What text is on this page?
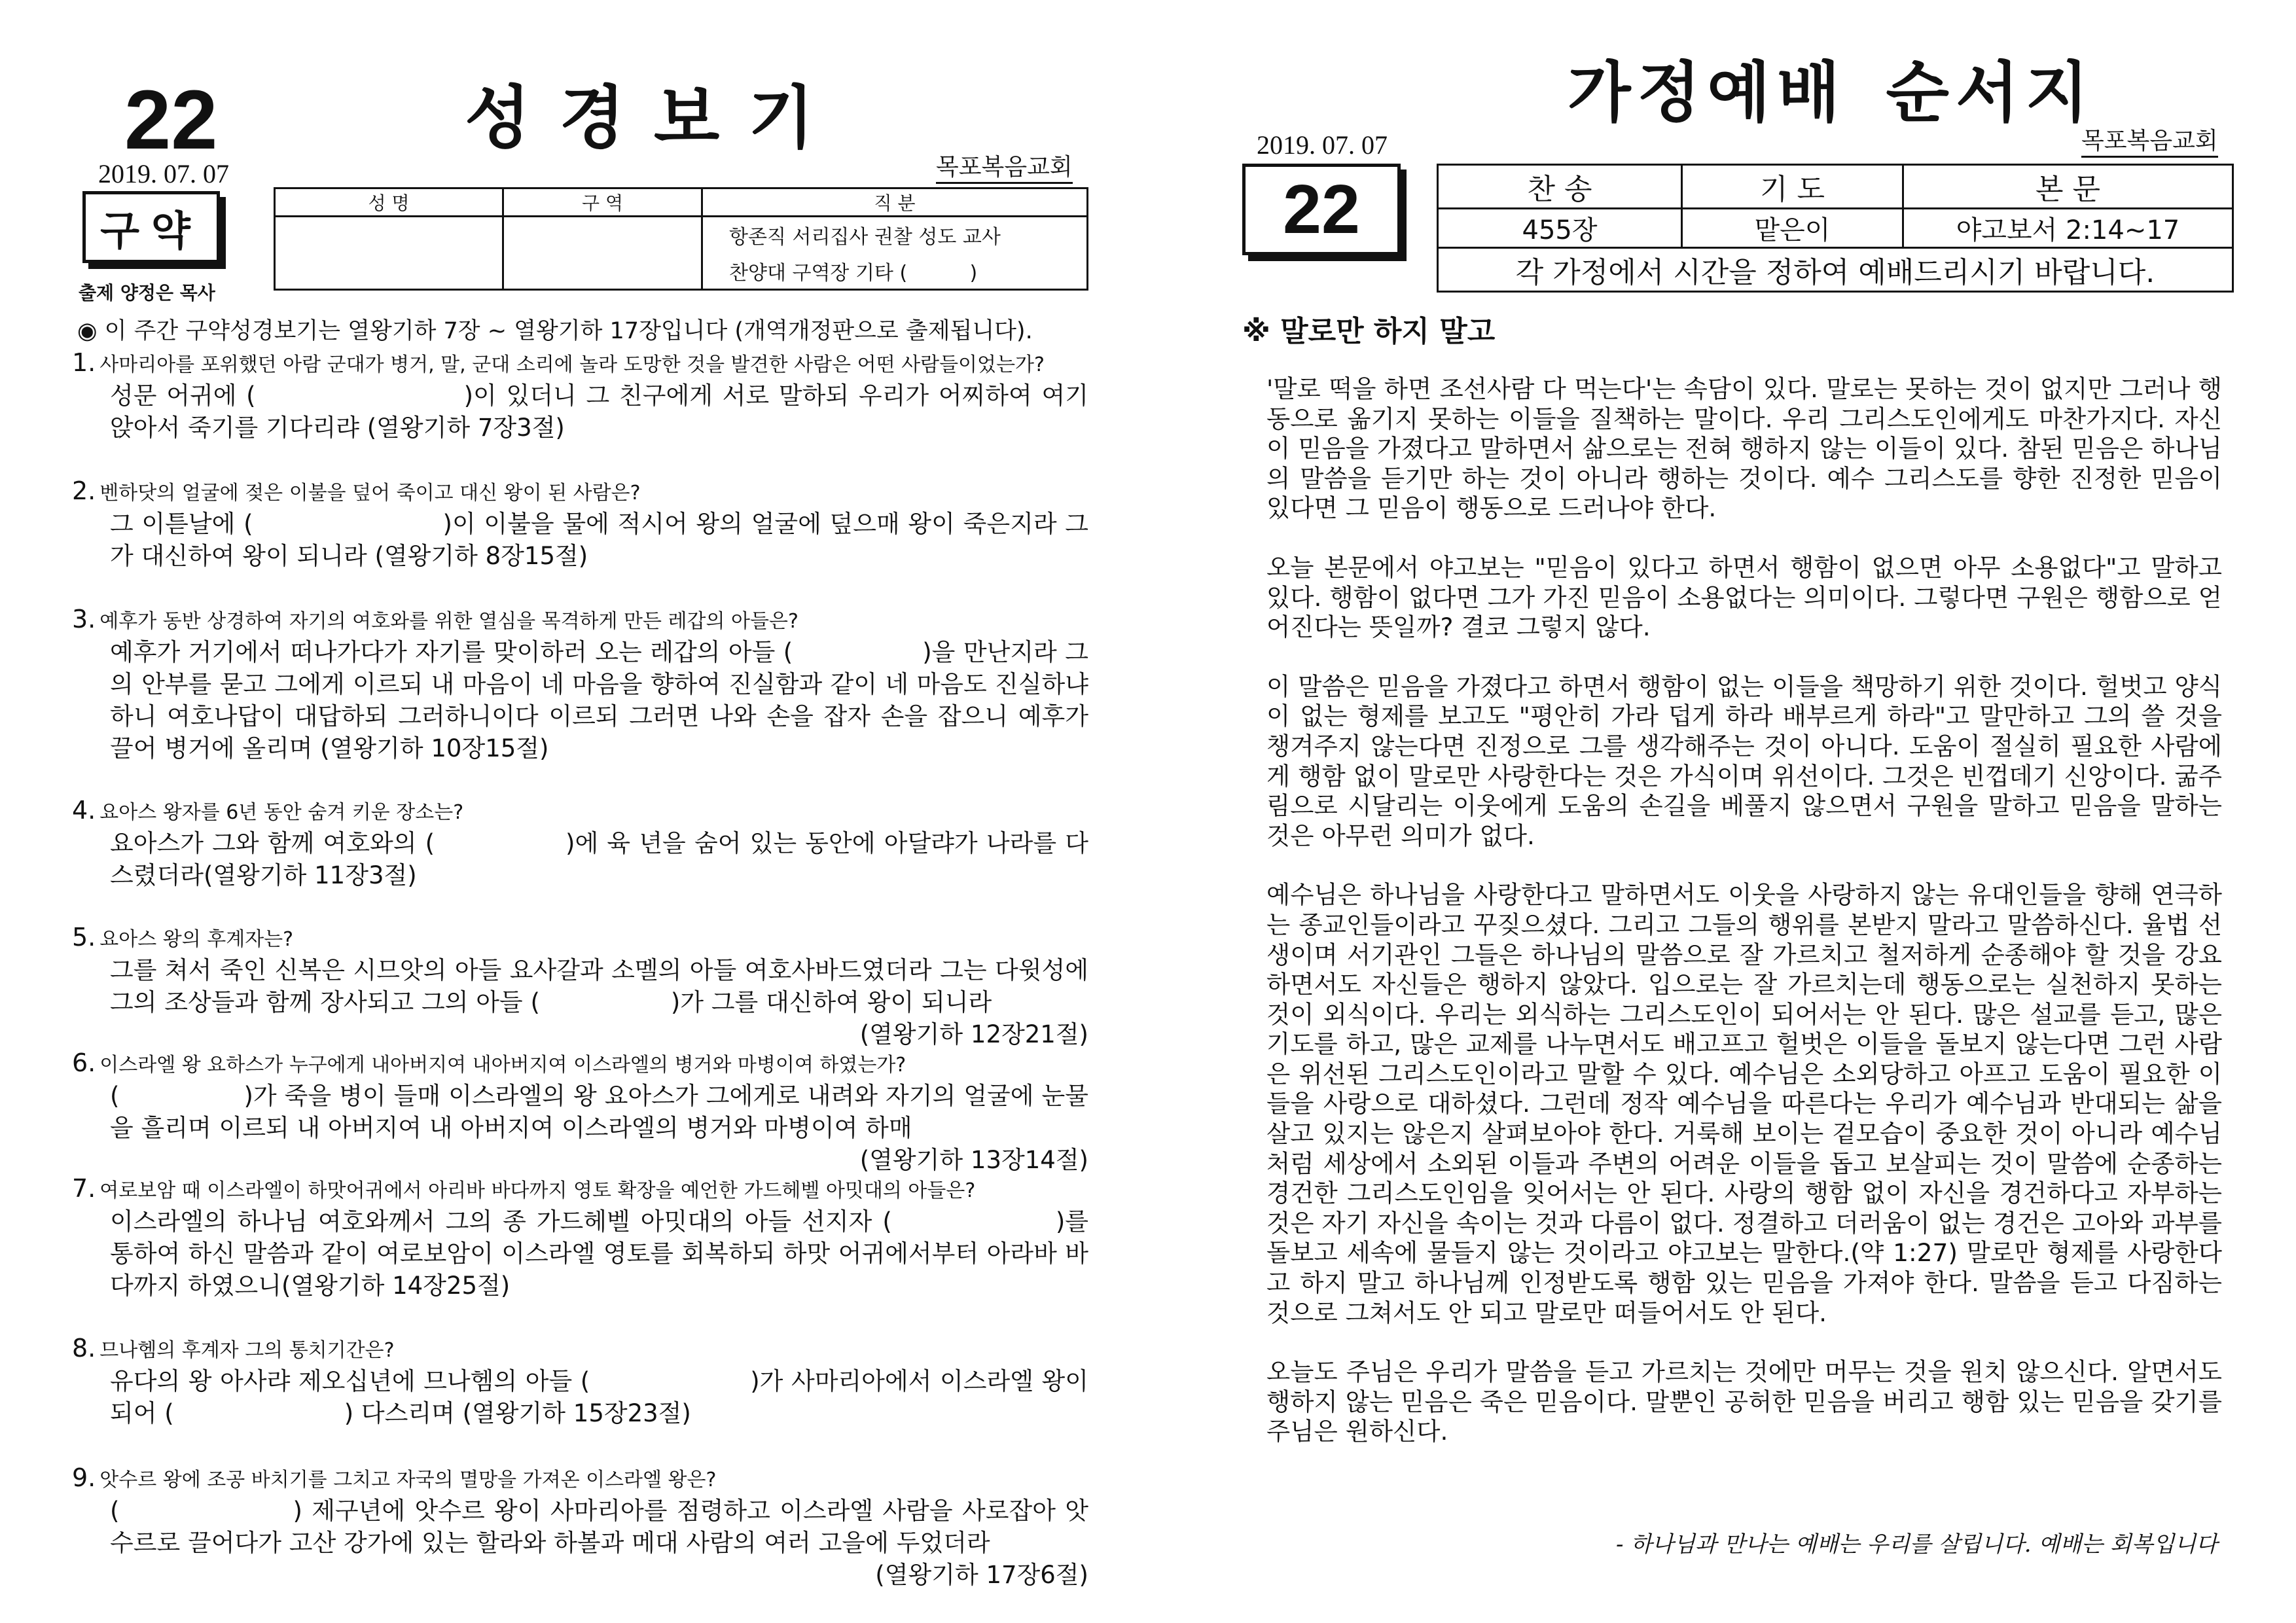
22	성경보기
2019. 07. 07	목포복음교회
구약
출제 양정은 목사
성 명	구 역	직 분
		항존직 서리집사 권찰 성도 교사
		찬양대 구역장 기타 (          )
◉ 이 주간 구약성경보기는 열왕기하 7장 ~ 열왕기하 17장입니다 (개역개정판으로 출제됩니다).
1. 사마리아를 포위했던 아람 군대가 병거, 말, 군대 소리에 놀라 도망한 것을 발견한 사람은 어떤 사람들이었는가?
성문 어귀에 (	)이 있더니 그 친구에게 서로 말하되 우리가 어찌하여 여기 앉아서 죽기를 기다리랴 (열왕기하 7장3절)
2. 벤하닷의 얼굴에 젖은 이불을 덮어 죽이고 대신 왕이 된 사람은?
그 이튿날에 (	)이 이불을 물에 적시어 왕의 얼굴에 덮으매 왕이 죽은지라 그가 대신하여 왕이 되니라 (열왕기하 8장15절)
3. 예후가 동반 상경하여 자기의 여호와를 위한 열심을 목격하게 만든 레갑의 아들은?
예후가 거기에서 떠나가다가 자기를 맞이하러 오는 레갑의 아들 (	)을 만난지라 그의 안부를 묻고 그에게 이르되 내 마음이 네 마음을 향하여 진실함과 같이 네 마음도 진실하냐 하니 여호나답이 대답하되 그러하니이다 이르되 그러면 나와 손을 잡자 손을 잡으니 예후가 끌어 병거에 올리며 (열왕기하 10장15절)
4. 요아스 왕자를 6년 동안 숨겨 키운 장소는?
요아스가 그와 함께 여호와의 (	)에 육 년을 숨어 있는 동안에 아달랴가 나라를 다스렸더라(열왕기하 11장3절)
5. 요아스 왕의 후계자는?
그를 쳐서 죽인 신복은 시므앗의 아들 요사갈과 소멜의 아들 여호사바드였더라 그는 다윗성에 그의 조상들과 함께 장사되고 그의 아들 (	)가 그를 대신하여 왕이 되니라
(열왕기하 12장21절)
6. 이스라엘 왕 요하스가 누구에게 내아버지여 내아버지여 이스라엘의 병거와 마병이여 하였는가?
(	)가 죽을 병이 들매 이스라엘의 왕 요아스가 그에게로 내려와 자기의 얼굴에 눈물을 흘리며 이르되 내 아버지여 내 아버지여 이스라엘의 병거와 마병이여 하매
(열왕기하 13장14절)
7. 여로보암 때 이스라엘이 하맛어귀에서 아리바 바다까지 영토 확장을 예언한 가드헤벨 아밋대의 아들은?
이스라엘의 하나님 여호와께서 그의 종 가드헤벨 아밋대의 아들 선지자 (	)를 통하여 하신 말씀과 같이 여로보암이 이스라엘 영토를 회복하되 하맛 어귀에서부터 아라바 바다까지 하였으니(열왕기하 14장25절)
8. 므나헴의 후계자 그의 통치기간은?
유다의 왕 아사랴 제오십년에 므나헴의 아들 (	)가 사마리아에서 이스라엘 왕이 되어 (	) 다스리며 (열왕기하 15장23절)
9. 앗수르 왕에 조공 바치기를 그치고 자국의 멸망을 가져온 이스라엘 왕은?
(	) 제구년에 앗수르 왕이 사마리아를 점령하고 이스라엘 사람을 사로잡아 앗수르로 끌어다가 고산 강가에 있는 할라와 하볼과 메대 사람의 여러 고을에 두었더라
(열왕기하 17장6절)
가정예배 순서지
2019. 07. 07	목포복음교회
22	찬 송	기 도	본 문
455장	맡은이	야고보서 2:14~17
각 가정에서 시간을 정하여 예배드리시기 바랍니다.		
※ 말로만 하지 말고

'말로 떡을 하면 조선사람 다 먹는다'는 속담이 있다. 말로는 못하는 것이 없지만 그러나 행동으로 옮기지 못하는 이들을 질책하는 말이다. 우리 그리스도인에게도 마찬가지다. 자신이 믿음을 가졌다고 말하면서 삶으로는 전혀 행하지 않는 이들이 있다. 참된 믿음은 하나님의 말씀을 듣기만 하는 것이 아니라 행하는 것이다. 예수 그리스도를 향한 진정한 믿음이 있다면 그 믿음이 행동으로 드러나야 한다.

오늘 본문에서 야고보는 "믿음이 있다고 하면서 행함이 없으면 아무 소용없다"고 말하고 있다. 행함이 없다면 그가 가진 믿음이 소용없다는 의미이다. 그렇다면 구원은 행함으로 얻어진다는 뜻일까? 결코 그렇지 않다.

이 말씀은 믿음을 가졌다고 하면서 행함이 없는 이들을 책망하기 위한 것이다. 헐벗고 양식이 없는 형제를 보고도 "평안히 가라 덥게 하라 배부르게 하라"고 말만하고 그의 쓸 것을 챙겨주지 않는다면 진정으로 그를 생각해주는 것이 아니다. 도움이 절실히 필요한 사람에게 행함 없이 말로만 사랑한다는 것은 가식이며 위선이다. 그것은 빈껍데기 신앙이다. 굶주림으로 시달리는 이웃에게 도움의 손길을 베풀지 않으면서 구원을 말하고 믿음을 말하는 것은 아무런 의미가 없다.

예수님은 하나님을 사랑한다고 말하면서도 이웃을 사랑하지 않는 유대인들을 향해 연극하는 종교인들이라고 꾸짖으셨다. 그리고 그들의 행위를 본받지 말라고 말씀하신다. 율법 선생이며 서기관인 그들은 하나님의 말씀으로 잘 가르치고 철저하게 순종해야 할 것을 강요하면서도 자신들은 행하지 않았다. 입으로는 잘 가르치는데 행동으로는 실천하지 못하는 것이 외식이다. 우리는 외식하는 그리스도인이 되어서는 안 된다. 많은 설교를 듣고, 많은 기도를 하고, 많은 교제를 나누면서도 배고프고 헐벗은 이들을 돌보지 않는다면 그런 사람은 위선된 그리스도인이라고 말할 수 있다. 예수님은 소외당하고 아프고 도움이 필요한 이들을 사랑으로 대하셨다. 그런데 정작 예수님을 따른다는 우리가 예수님과 반대되는 삶을 살고 있지는 않은지 살펴보아야 한다. 거룩해 보이는 겉모습이 중요한 것이 아니라 예수님처럼 세상에서 소외된 이들과 주변의 어려운 이들을 돕고 보살피는 것이 말씀에 순종하는 경건한 그리스도인임을 잊어서는 안 된다. 사랑의 행함 없이 자신을 경건하다고 자부하는 것은 자기 자신을 속이는 것과 다름이 없다. 정결하고 더러움이 없는 경건은 고아와 과부를 돌보고 세속에 물들지 않는 것이라고 야고보는 말한다.(약 1:27) 말로만 형제를 사랑한다고 하지 말고 하나님께 인정받도록 행함 있는 믿음을 가져야 한다. 말씀을 듣고 다짐하는 것으로 그쳐서도 안 되고 말로만 떠들어서도 안 된다.

오늘도 주님은 우리가 말씀을 듣고 가르치는 것에만 머무는 것을 원치 않으신다. 알면서도 행하지 않는 믿음은 죽은 믿음이다. 말뿐인 공허한 믿음을 버리고 행함 있는 믿음을 갖기를 주님은 원하신다.

- 하나님과 만나는 예배는 우리를 살립니다. 예배는 회복입니다
